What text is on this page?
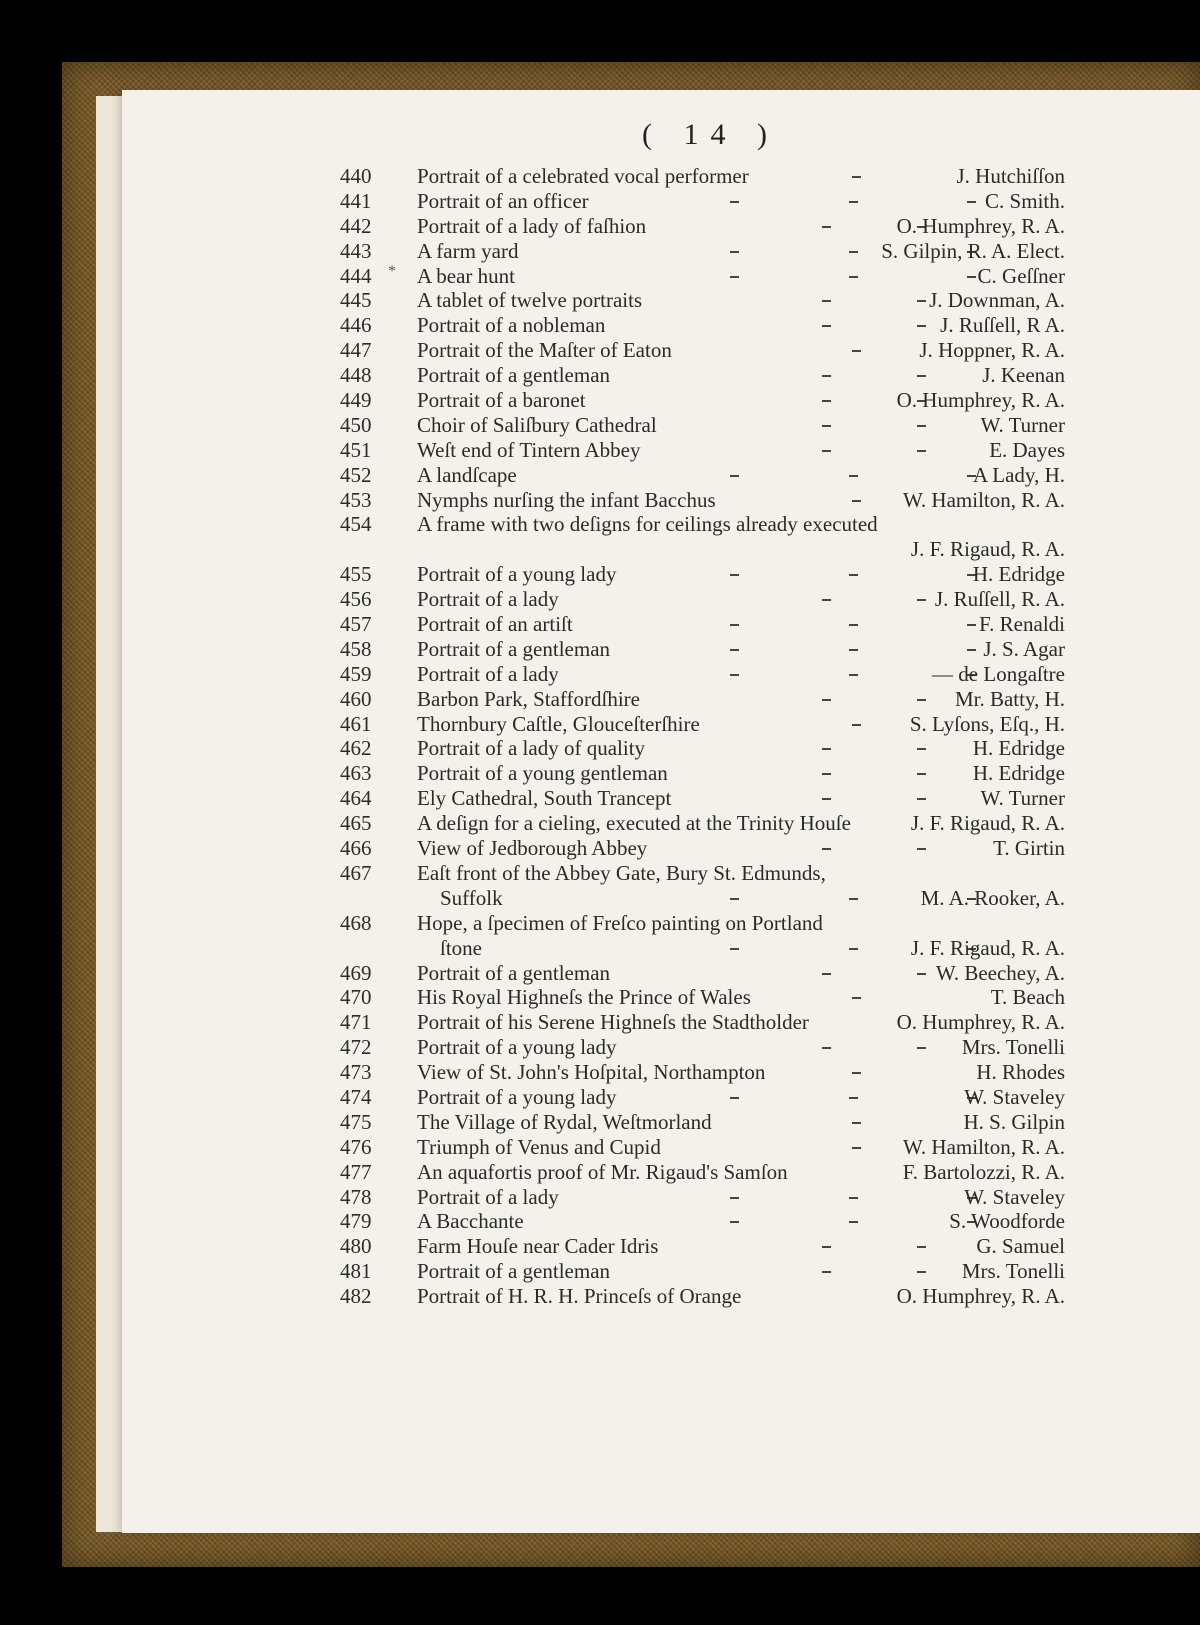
( 14 )
440	Portrait of a celebrated vocal performer	J. Hutchiſſon
441	Portrait of an officer	C. Smith.
442	Portrait of a lady of faſhion	O. Humphrey, R. A.
443	A farm yard	S. Gilpin, R. A. Elect.
444	* A bear hunt	C. Geſſner
445	A tablet of twelve portraits	J. Downman, A.
446	Portrait of a nobleman	J. Ruſſell, R A.
447	Portrait of the Maſter of Eaton	J. Hoppner, R. A.
448	Portrait of a gentleman	J. Keenan
449	Portrait of a baronet	O. Humphrey, R. A.
450	Choir of Saliſbury Cathedral	W. Turner
451	Weſt end of Tintern Abbey	E. Dayes
452	A landſcape	A Lady, H.
453	Nymphs nurſing the infant Bacchus	W. Hamilton, R. A.
454	A frame with two deſigns for ceilings already executed
J. F. Rigaud, R. A.
455	Portrait of a young lady	H. Edridge
456	Portrait of a lady	J. Ruſſell, R. A.
457	Portrait of an artiſt	F. Renaldi
458	Portrait of a gentleman	J. S. Agar
459	Portrait of a lady	— de Longaſtre
460	Barbon Park, Staffordſhire	Mr. Batty, H.
461	Thornbury Caſtle, Glouceſterſhire	S. Lyſons, Eſq., H.
462	Portrait of a lady of quality	H. Edridge
463	Portrait of a young gentleman	H. Edridge
464	Ely Cathedral, South Trancept	W. Turner
465	A deſign for a cieling, executed at the Trinity Houſe	J. F. Rigaud, R. A.
466	View of Jedborough Abbey	T. Girtin
467	Eaſt front of the Abbey Gate, Bury St. Edmunds,
Suffolk	M. A. Rooker, A.
468	Hope, a ſpecimen of Freſco painting on Portland
ſtone	J. F. Rigaud, R. A.
469	Portrait of a gentleman	W. Beechey, A.
470	His Royal Highneſs the Prince of Wales	T. Beach
471	Portrait of his Serene Highneſs the Stadtholder	O. Humphrey, R. A.
472	Portrait of a young lady	Mrs. Tonelli
473	View of St. John's Hoſpital, Northampton	H. Rhodes
474	Portrait of a young lady	W. Staveley
475	The Village of Rydal, Weſtmorland	H. S. Gilpin
476	Triumph of Venus and Cupid	W. Hamilton, R. A.
477	An aquafortis proof of Mr. Rigaud's Samſon	F. Bartolozzi, R. A.
478	Portrait of a lady	W. Staveley
479	A Bacchante	S. Woodforde
480	Farm Houſe near Cader Idris	G. Samuel
481	Portrait of a gentleman	Mrs. Tonelli
482	Portrait of H. R. H. Princeſs of Orange	O. Humphrey, R. A.
